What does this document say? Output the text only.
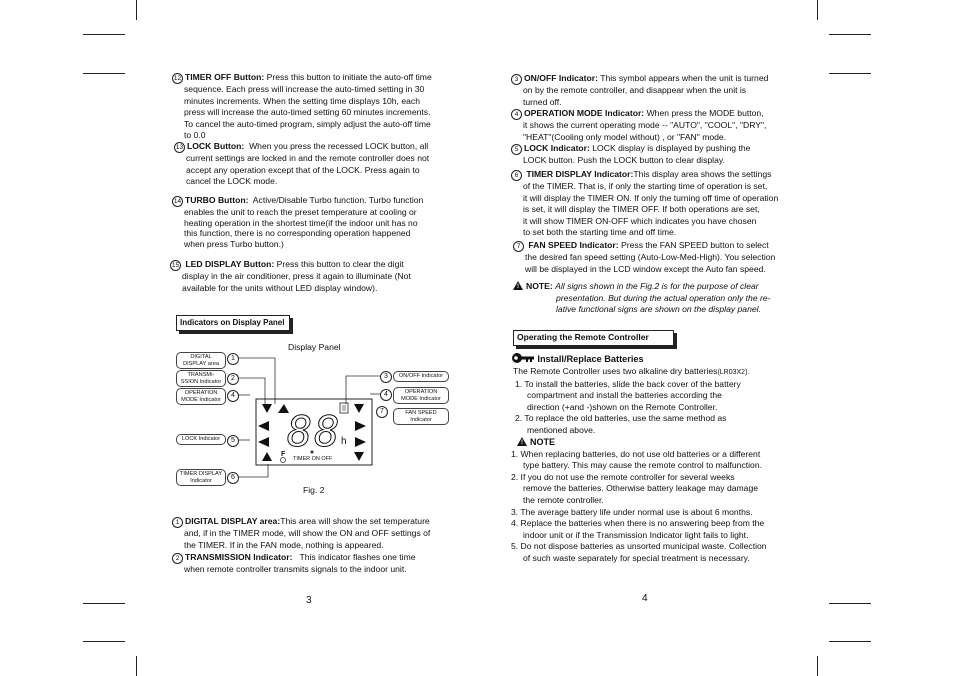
12 TIMER OFF Button: Press this button to initiate the auto-off time
sequence. Each press will increase the auto-timed setting in 30
minutes increments. When the setting time displays 10h, each
press will increase the auto-timed setting 60 minutes increments.
To cancel the auto-timed program, simply adjust the auto-off time
to 0.0
13 LOCK Button: When you press the recessed LOCK button, all
current settings are locked in and the remote controller does not
accept any operation except that of the LOCK. Press again to
cancel the LOCK mode.
14 TURBO Button: Active/Disable Turbo function. Turbo function
enables the unit to reach the preset temperature at cooling or
heating operation in the shortest time(if the indoor unit has no
this function, there is no corresponding operation happened
when press Turbo button.)
15 LED DISPLAY Button: Press this button to clear the digit
display in the air conditioner, press it again to illuminate (Not
available for the units without LED display window).
Indicators on Display Panel
Display Panel
DIGITAL DISPLAY area
1
TRANSMI- SSION Indicator	2
OPERATION MODE Indicator
4
LOCK Indicator	5
TIMER DISPLAY Indicator	6
3	ON/OFF Indicator
4	OPERATION MODE Indicator
7	FAN SPEED Indicator
88 h
F
TIMER ON OFF
Fig. 2
1 DIGITAL DISPLAY area:This area will show the set temperature
and, if in the TIMER mode, will show the ON and OFF settings of
the TIMER. If in the FAN mode, nothing is appeared.
2 TRANSMISSION Indicator: This indicator flashes one time
when remote controller transmits signals to the indoor unit.
3
3 ON/OFF Indicator: This symbol appears when the unit is turned
on by the remote controller, and disappear when the unit is
turned off.
4 OPERATION MODE Indicator: When press the MODE button,
it shows the current operating mode -- "AUTO", "COOL", "DRY",
"HEAT"(Cooling only model without) , or "FAN" mode.
5 LOCK Indicator: LOCK display is displayed by pushing the
LOCK button. Push the LOCK button to clear display.
6 TIMER DISPLAY Indicator:This display area shows the settings
of the TIMER. That is, if only the starting time of operation is set,
it will display the TIMER ON. If only the turning off time of operation
is set, it will display the TIMER OFF. If both operations are set,
it will show TIMER ON-OFF which indicates you have chosen
to set both the starting time and off time.
7 FAN SPEED Indicator: Press the FAN SPEED button to select
the desired fan speed setting (Auto-Low-Med-High). You selection
will be displayed in the LCD window except the Auto fan speed.
!NOTE: All signs shown in the Fig.2 is for the purpose of clear
presentation. But during the actual operation only the re-
lative functional signs are shown on the display panel.
Operating the Remote Controller
Install/Replace Batteries
The Remote Controller uses two alkaline dry batteries(LR03X2).
1. To install the batteries, slide the back cover of the battery
compartment and install the batteries according the
direction (+and -)shown on the Remote Controller.
2. To replace the old batteries, use the same method as
mentioned above.
!NOTE
1. When replacing batteries, do not use old batteries or a different
type battery. This may cause the remote control to malfunction.
2. If you do not use the remote controller for several weeks
remove the batteries. Otherwise battery leakage may damage
the remote controller.
3. The average battery life under normal use is about 6 months.
4. Replace the batteries when there is no answering beep from the
indoor unit or if the Transmission Indicator light fails to light.
5. Do not dispose batteries as unsorted municipal waste. Collection
of such waste separately for special treatment is necessary.
4
